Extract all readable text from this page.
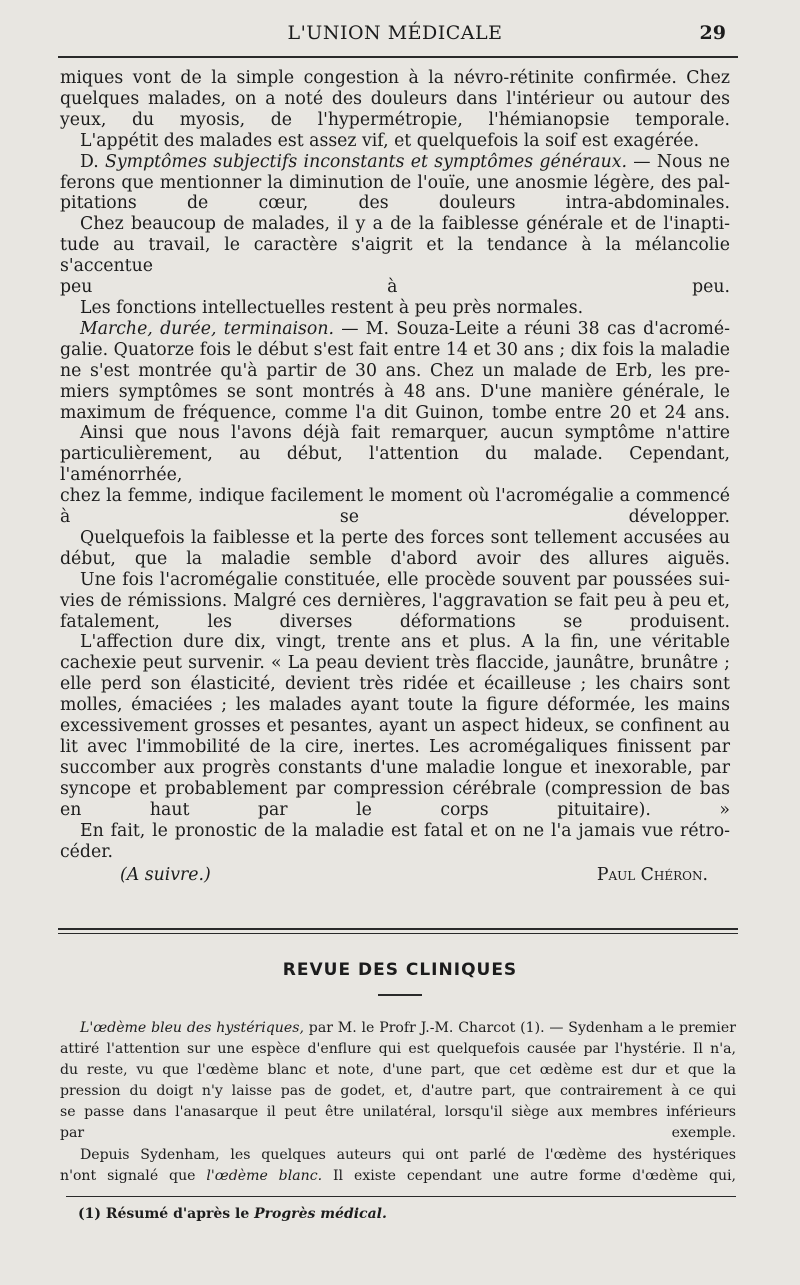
L'UNION MÉDICALE	29

miques vont de la simple congestion à la névro-rétinite confirmée. Chez
quelques malades, on a noté des douleurs dans l'intérieur ou autour des
yeux, du myosis, de l'hypermétropie, l'hémianopsie temporale.

L'appétit des malades est assez vif, et quelquefois la soif est exagérée.

D. Symptômes subjectifs inconstants et symptômes généraux. — Nous ne
ferons que mentionner la diminution de l'ouïe, une anosmie légère, des pal-
pitations de cœur, des douleurs intra-abdominales.

Chez beaucoup de malades, il y a de la faiblesse générale et de l'inapti-
tude au travail, le caractère s'aigrit et la tendance à la mélancolie s'accentue
peu à peu.

Les fonctions intellectuelles restent à peu près normales.

Marche, durée, terminaison. — M. Souza-Leite a réuni 38 cas d'acromé-
galie. Quatorze fois le début s'est fait entre 14 et 30 ans ; dix fois la maladie
ne s'est montrée qu'à partir de 30 ans. Chez un malade de Erb, les pre-
miers symptômes se sont montrés à 48 ans. D'une manière générale, le
maximum de fréquence, comme l'a dit Guinon, tombe entre 20 et 24 ans.

Ainsi que nous l'avons déjà fait remarquer, aucun symptôme n'attire
particulièrement, au début, l'attention du malade. Cependant, l'aménorrhée,
chez la femme, indique facilement le moment où l'acromégalie a commencé
à se développer.

Quelquefois la faiblesse et la perte des forces sont tellement accusées au
début, que la maladie semble d'abord avoir des allures aiguës.

Une fois l'acromégalie constituée, elle procède souvent par poussées sui-
vies de rémissions. Malgré ces dernières, l'aggravation se fait peu à peu et,
fatalement, les diverses déformations se produisent.

L'affection dure dix, vingt, trente ans et plus. A la fin, une véritable
cachexie peut survenir. « La peau devient très flaccide, jaunâtre, brunâtre ;
elle perd son élasticité, devient très ridée et écailleuse ; les chairs sont
molles, émaciées ; les malades ayant toute la figure déformée, les mains
excessivement grosses et pesantes, ayant un aspect hideux, se confinent au
lit avec l'immobilité de la cire, inertes. Les acromégaliques finissent par
succomber aux progrès constants d'une maladie longue et inexorable, par
syncope et probablement par compression cérébrale (compression de bas
en haut par le corps pituitaire). »

En fait, le pronostic de la maladie est fatal et on ne l'a jamais vue rétro-
céder.

(A suivre.)	Paul Chéron.
REVUE DES CLINIQUES

L'œdème bleu des hystériques, par M. le Profr J.-M. Charcot (1). — Sydenham a le premier
attiré l'attention sur une espèce d'enflure qui est quelquefois causée par l'hystérie. Il n'a,
du reste, vu que l'œdème blanc et note, d'une part, que cet œdème est dur et que la
pression du doigt n'y laisse pas de godet, et, d'autre part, que contrairement à ce qui
se passe dans l'anasarque il peut être unilatéral, lorsqu'il siège aux membres inférieurs
par exemple.

Depuis Sydenham, les quelques auteurs qui ont parlé de l'œdème des hystériques
n'ont signalé que l'œdème blanc. Il existe cependant une autre forme d'œdème qui,

(1) Résumé d'après le Progrès médical.
